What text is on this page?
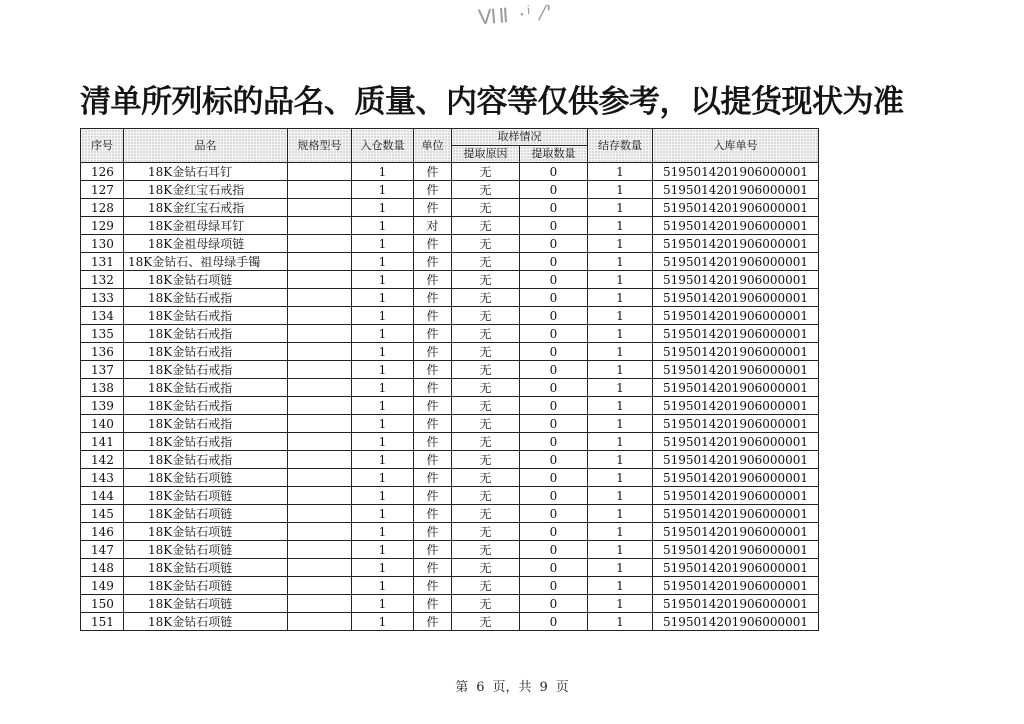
ⅥⅡ ·ⁱ ⁄'
清单所列标的品名、质量、内容等仅供参考，以提货现状为准
序号	品名	规格型号	入仓数量	单位	取样情况		结存数量	入库单号
					提取原因	提取数量		
126	18K金钻石耳钉		1	件	无	0	1	5195014201906000001
127	18K金红宝石戒指		1	件	无	0	1	5195014201906000001
128	18K金红宝石戒指		1	件	无	0	1	5195014201906000001
129	18K金祖母绿耳钉		1	对	无	0	1	5195014201906000001
130	18K金祖母绿项链		1	件	无	0	1	5195014201906000001
131	18K金钻石、祖母绿手镯		1	件	无	0	1	5195014201906000001
132	18K金钻石项链		1	件	无	0	1	5195014201906000001
133	18K金钻石戒指		1	件	无	0	1	5195014201906000001
134	18K金钻石戒指		1	件	无	0	1	5195014201906000001
135	18K金钻石戒指		1	件	无	0	1	5195014201906000001
136	18K金钻石戒指		1	件	无	0	1	5195014201906000001
137	18K金钻石戒指		1	件	无	0	1	5195014201906000001
138	18K金钻石戒指		1	件	无	0	1	5195014201906000001
139	18K金钻石戒指		1	件	无	0	1	5195014201906000001
140	18K金钻石戒指		1	件	无	0	1	5195014201906000001
141	18K金钻石戒指		1	件	无	0	1	5195014201906000001
142	18K金钻石戒指		1	件	无	0	1	5195014201906000001
143	18K金钻石项链		1	件	无	0	1	5195014201906000001
144	18K金钻石项链		1	件	无	0	1	5195014201906000001
145	18K金钻石项链		1	件	无	0	1	5195014201906000001
146	18K金钻石项链		1	件	无	0	1	5195014201906000001
147	18K金钻石项链		1	件	无	0	1	5195014201906000001
148	18K金钻石项链		1	件	无	0	1	5195014201906000001
149	18K金钻石项链		1	件	无	0	1	5195014201906000001
150	18K金钻石项链		1	件	无	0	1	5195014201906000001
151	18K金钻石项链		1	件	无	0	1	5195014201906000001
第 6 页，共 9 页
